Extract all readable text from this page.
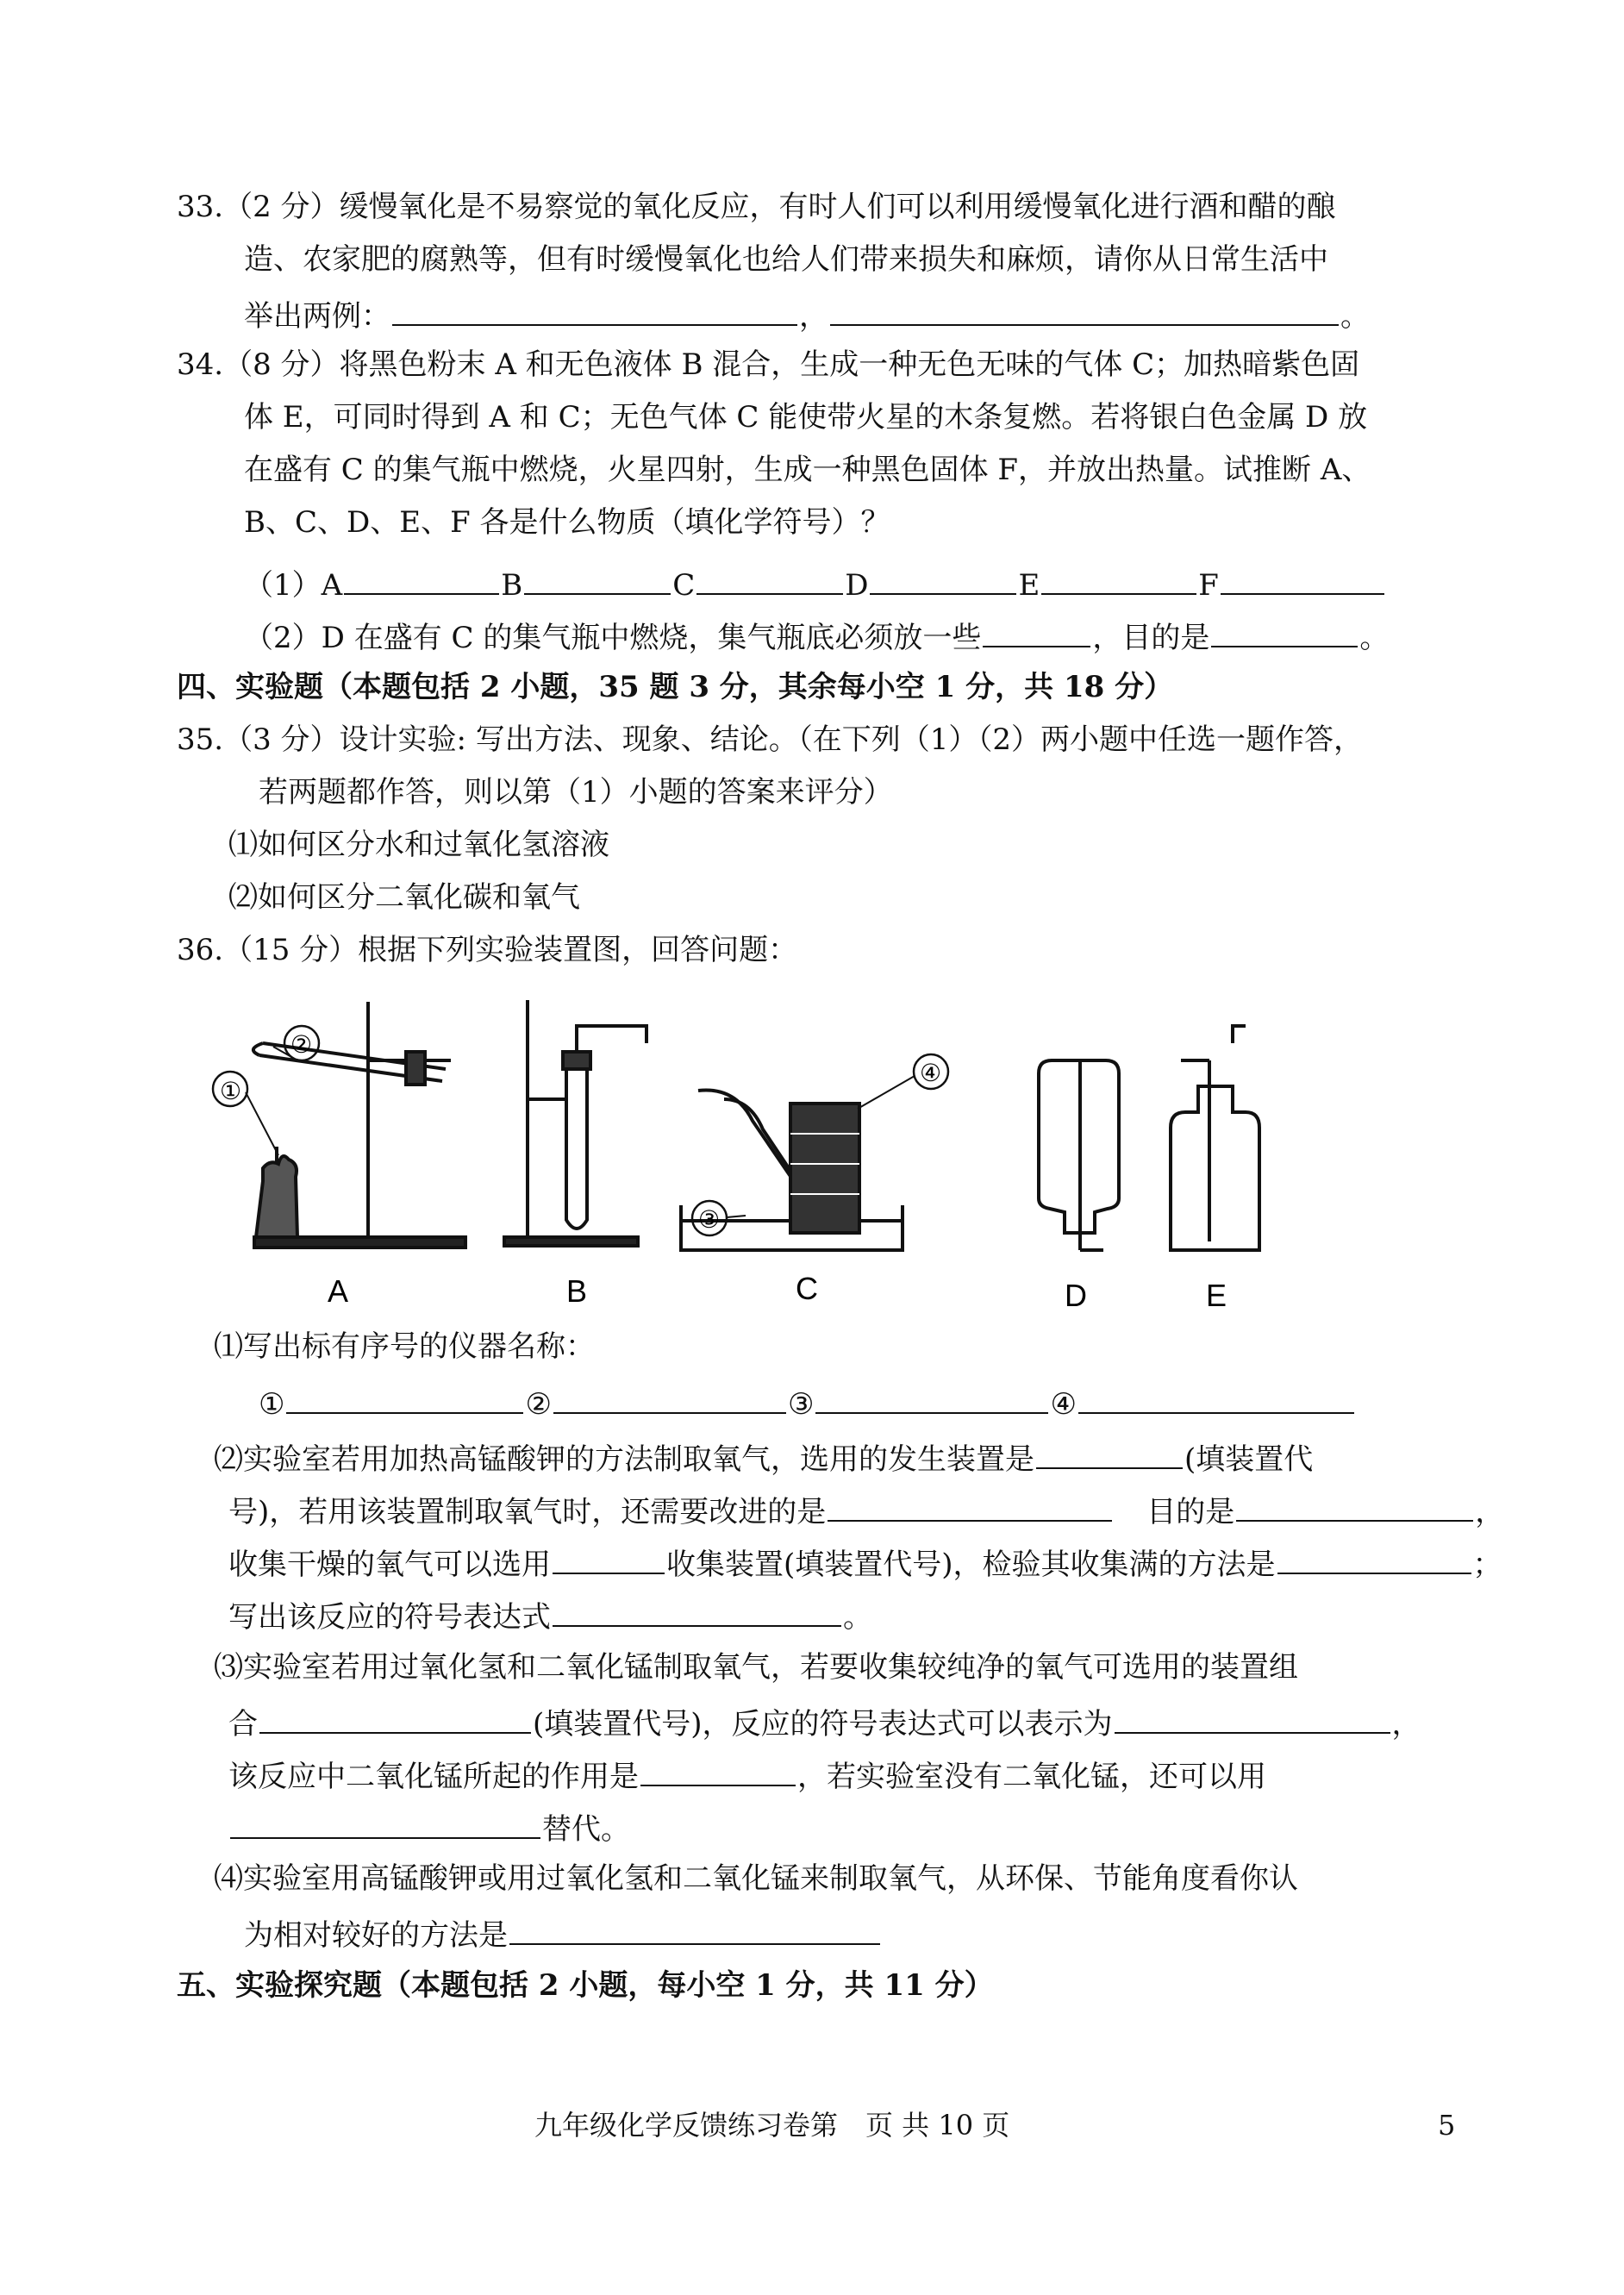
33.（2 分）缓慢氧化是不易察觉的氧化反应，有时人们可以利用缓慢氧化进行酒和醋的酿
造、农家肥的腐熟等，但有时缓慢氧化也给人们带来损失和麻烦，请你从日常生活中
举出两例：	，	。
34.（8 分）将黑色粉末 A 和无色液体 B 混合，生成一种无色无味的气体 C；加热暗紫色固
体 E，可同时得到 A 和 C；无色气体 C 能使带火星的木条复燃。若将银白色金属 D 放
在盛有 C 的集气瓶中燃烧，火星四射，生成一种黑色固体 F，并放出热量。试推断 A、
B、C、D、E、F 各是什么物质（填化学符号）？
（1）A	B	C	D	E	F
（2）D 在盛有 C 的集气瓶中燃烧，集气瓶底必须放一些	，目的是	。
四、实验题（本题包括 2 小题，35 题 3 分，其余每小空 1 分，共 18 分）
35.（3 分）设计实验: 写出方法、现象、结论。（在下列（1）（2）两小题中任选一题作答，
若两题都作答，则以第（1）小题的答案来评分）
⑴如何区分水和过氧化氢溶液
⑵如何区分二氧化碳和氧气
36.（15 分）根据下列实验装置图，回答问题：
A	B	C	D	E
①
②
③
④
⑴写出标有序号的仪器名称：
①	②	③	④
⑵实验室若用加热高锰酸钾的方法制取氧气，选用的发生装置是	(填装置代
号)，若用该装置制取氧气时，还需要改进的是	目的是	，
收集干燥的氧气可以选用	收集装置(填装置代号)，检验其收集满的方法是	；
写出该反应的符号表达式	。
⑶实验室若用过氧化氢和二氧化锰制取氧气，若要收集较纯净的氧气可选用的装置组
合	(填装置代号)，反应的符号表达式可以表示为	，
该反应中二氧化锰所起的作用是	，若实验室没有二氧化锰，还可以用
替代。
⑷实验室用高锰酸钾或用过氧化氢和二氧化锰来制取氧气，从环保、节能角度看你认
为相对较好的方法是
五、实验探究题（本题包括 2 小题，每小空 1 分，共 11 分）
九年级化学反馈练习卷第　页 共 10 页	5
